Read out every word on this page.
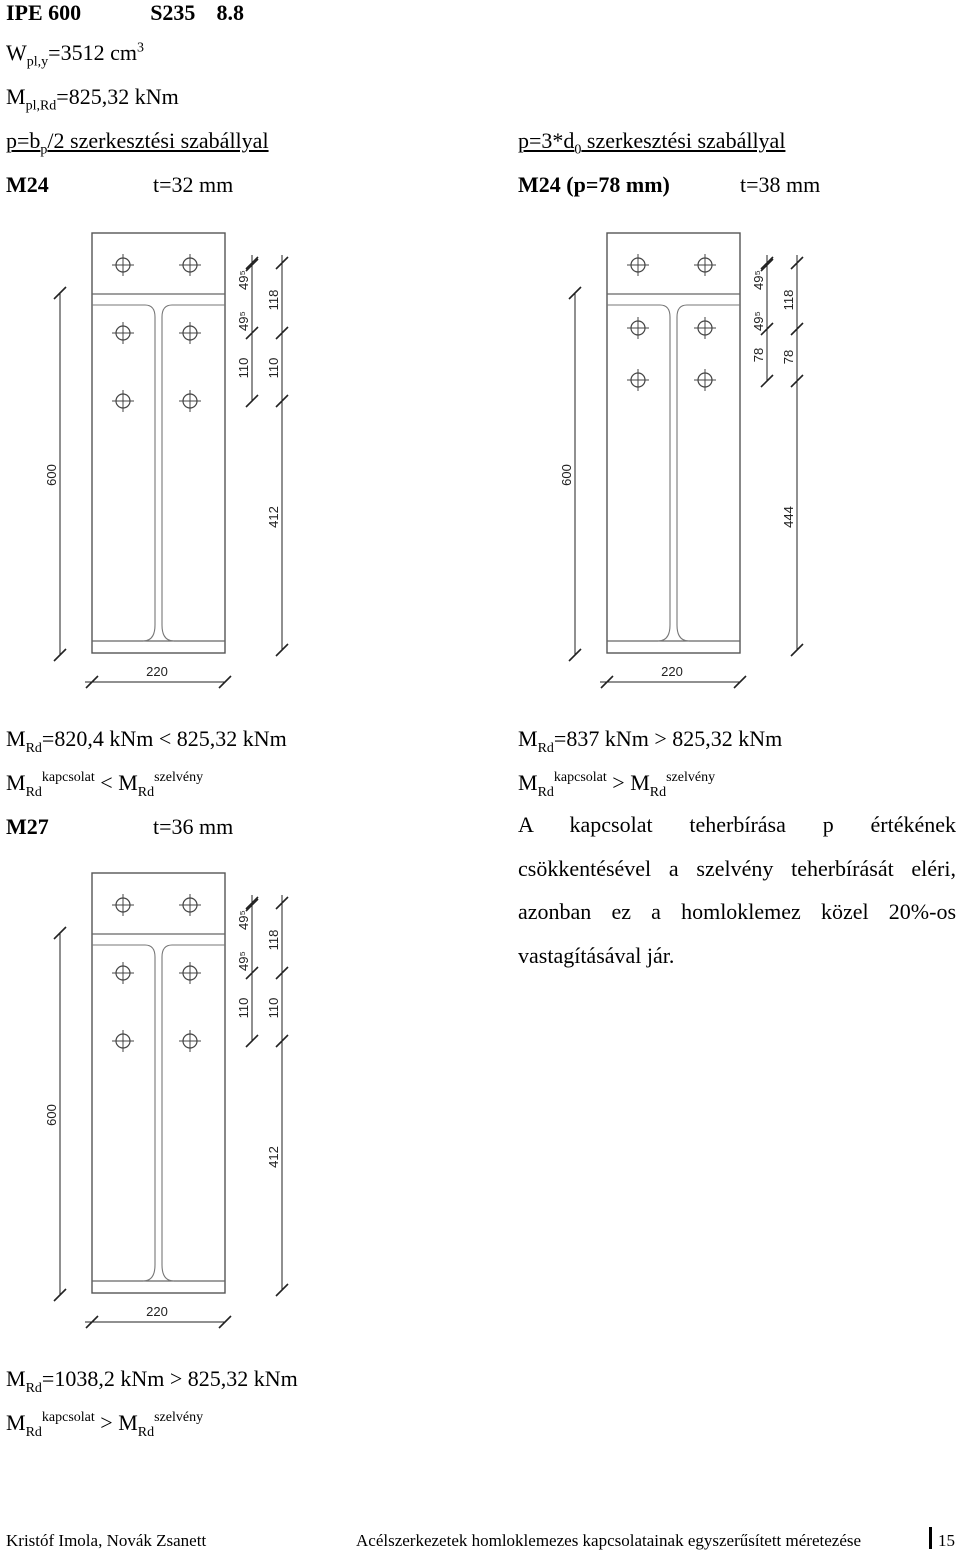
IPE 600	S235 8.8
$W_{pl,y}=3512$ $cm^3$
$M_{pl,Rd}=825,32$ kNm
$p=b_p/2$ szerkesztési szabállyal
M24	t=32 mm
$p=3*d_0$ szerkesztési szabállyal
M24 (p=78 mm)	t=38 mm
600
220
49⁵
49⁵
110
118
110
412
600
220
49⁵
49⁵
78
118
78
444
600
220
49⁵
49⁵
110
118
110
412
$M_{Rd}=820,4$ kNm < 825,32 kNm
$M_{Rd}^{kapcsolat} < M_{Rd}^{szelvény}$
$M_{Rd}=837$ kNm > 825,32 kNm
$M_{Rd}^{kapcsolat} > M_{Rd}^{szelvény}$
M27	t=36 mm	A kapcsolat teherbírása p értékének csökkentésével a szelvény teherbírását eléri, azonban ez a homloklemez közel 20%-os vastagításával jár.
$M_{Rd}=1038,2$ kNm > 825,32 kNm
$M_{Rd}^{kapcsolat} > M_{Rd}^{szelvény}$
Kristóf Imola, Novák Zsanett	Acélszerkezetek homloklemezes kapcsolatainak egyszerűsített méretezése	15
